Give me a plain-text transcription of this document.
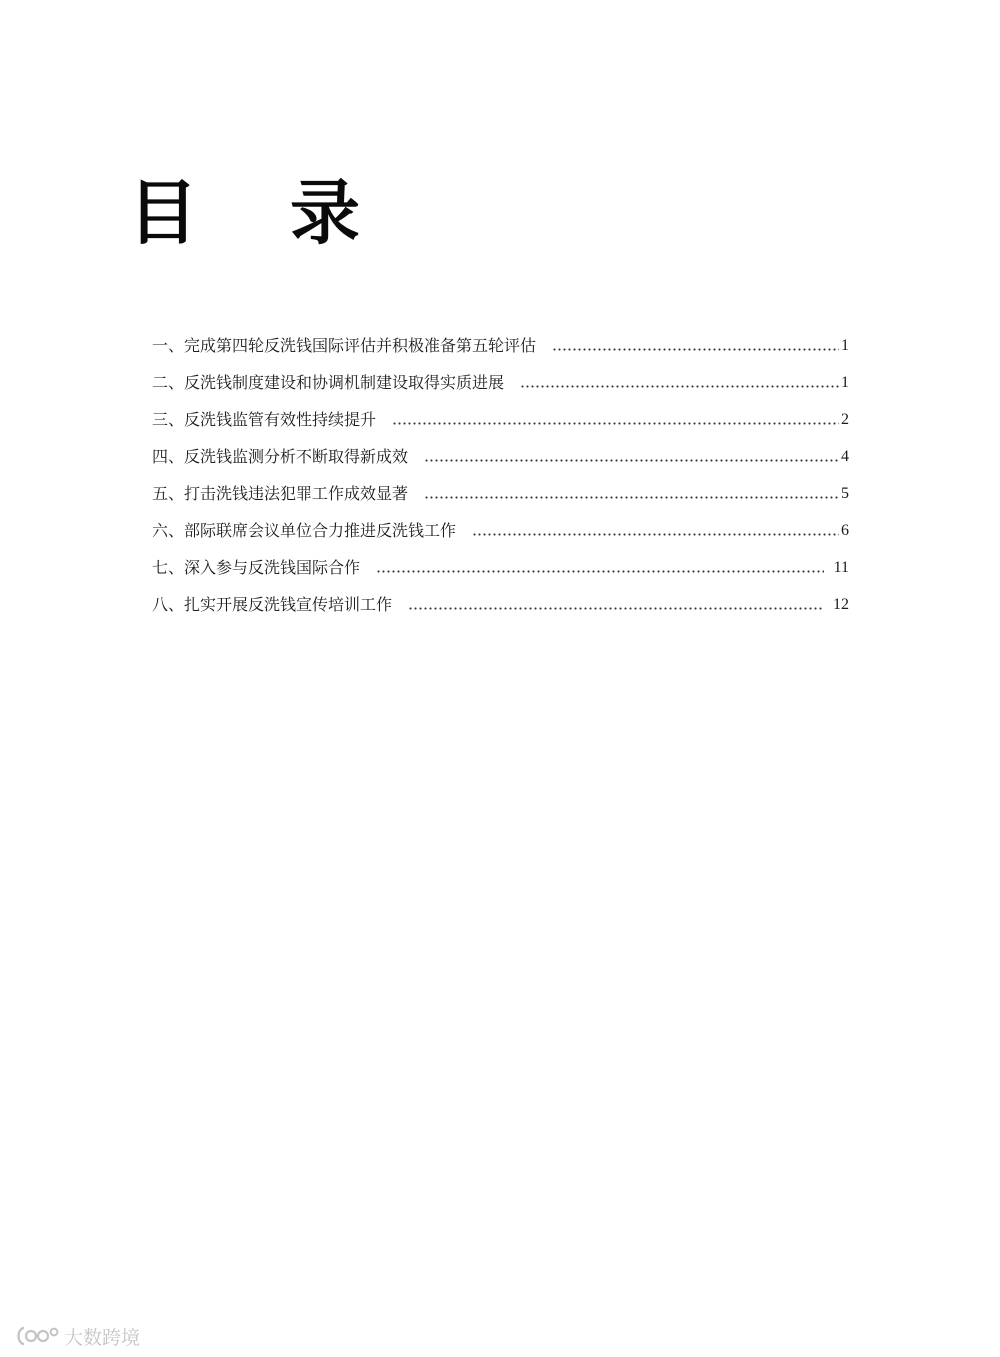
目 录
一、完成第四轮反洗钱国际评估并积极准备第五轮评估	1
二、反洗钱制度建设和协调机制建设取得实质进展	1
三、反洗钱监管有效性持续提升	2
四、反洗钱监测分析不断取得新成效	4
五、打击洗钱违法犯罪工作成效显著	5
六、部际联席会议单位合力推进反洗钱工作	6
七、深入参与反洗钱国际合作	11
八、扎实开展反洗钱宣传培训工作	12
大数跨境
